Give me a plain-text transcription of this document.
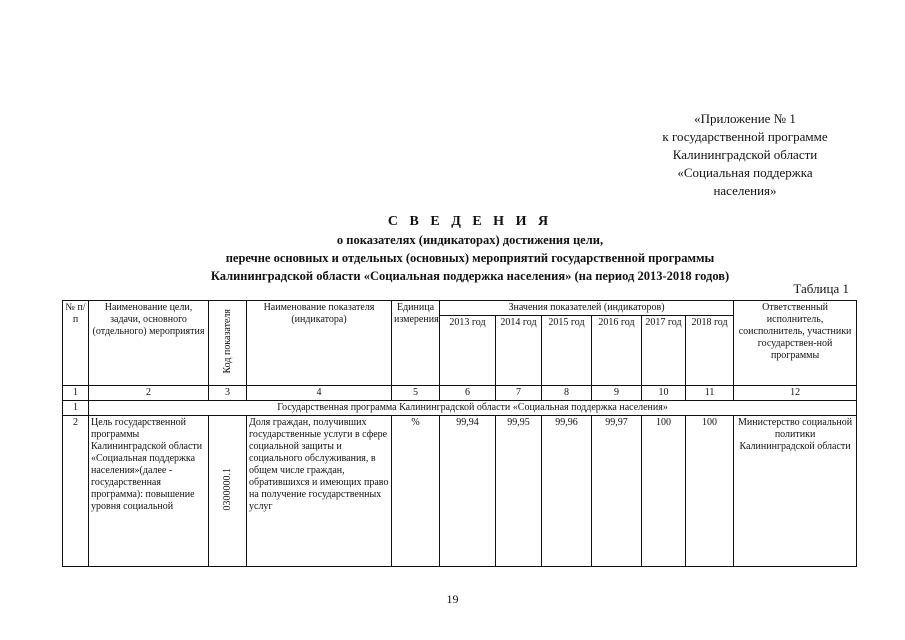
«Приложение № 1
к государственной программе
Калининградской области
«Социальная поддержка
населения»
С В Е Д Е Н И Я
о показателях (индикаторах) достижения цели,
перечне основных и отдельных (основных) мероприятий государственной программы
Калининградской области «Социальная поддержка населения» (на период 2013-2018 годов)
Таблица 1
№ п/п	Наименование цели, задачи, основного (отдельного) мероприятия	Код показателя	Наименование показателя (индикатора)	Единица измерения	Значения показателей (индикаторов)						Ответственный исполнитель, соисполнитель, участники государствен-ной программы
					2013 год	2014 год	2015 год	2016 год	2017 год	2018 год	
1	2	3	4	5	6	7	8	9	10	11	12
1	Государственная программа Калининградской области «Социальная поддержка населения»										
2	Цель государственной программы Калининградской области «Социальная поддержка населения»(далее - государственная программа): повышение уровня социальной	0300000.1	Доля граждан, получивших государственные услуги в сфере социальной защиты и социального обслуживания, в общем числе граждан, обратившихся и имеющих право на получение государственных услуг	%	99,94	99,95	99,96	99,97	100	100	Министерство социальной политики Калининградской области
19
